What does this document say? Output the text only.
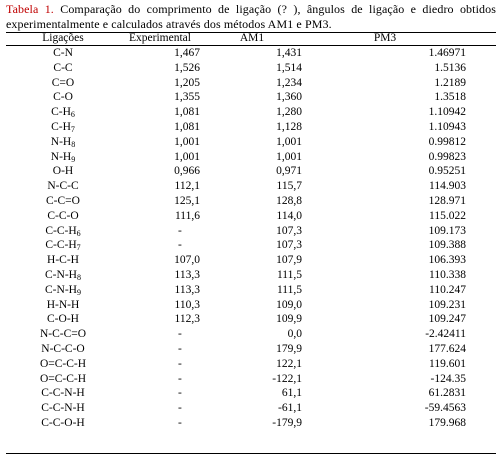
Tabela 1. Comparação do comprimento de ligação (? ), ângulos de ligação e diedro obtidos experimentalmente e calculados através dos métodos AM1 e PM3.
Ligações	Experimental	AM1	PM3	
C-N	1,467	1,431	1.46971	
C-C	1,526	1,514	1.5136	
C=O	1,205	1,234	1.2189	
C-O	1,355	1,360	1.3518	
$C-H_6$	1,081	1,280	1.10942	
$C-H_7$	1,081	1,128	1.10943	
$N-H_8$	1,001	1,001	0.99812	
$N-H_9$	1,001	1,001	0.99823	
O-H	0,966	0,971	0.95251	
N-C-C	112,1	115,7	114.903	
C-C=O	125,1	128,8	128.971	
C-C-O	111,6	114,0	115.022	
$C-C-H_6$	-	107,3	109.173	
$C-C-H_7$	-	107,3	109.388	
H-C-H	107,0	107,9	106.393	
$C-N-H_8$	113,3	111,5	110.338	
$C-N-H_9$	113,3	111,5	110.247	
H-N-H	110,3	109,0	109.231	
C-O-H	112,3	109,9	109.247	
N-C-C=O	-	0,0	-2.42411	
N-C-C-O	-	179,9	177.624	
O=C-C-H	-	122,1	119.601	
O=C-C-H	-	-122,1	-124.35	
C-C-N-H	-	61,1	61.2831	
C-C-N-H	-	-61,1	-59.4563	
C-C-O-H	-	-179,9	179.968	
